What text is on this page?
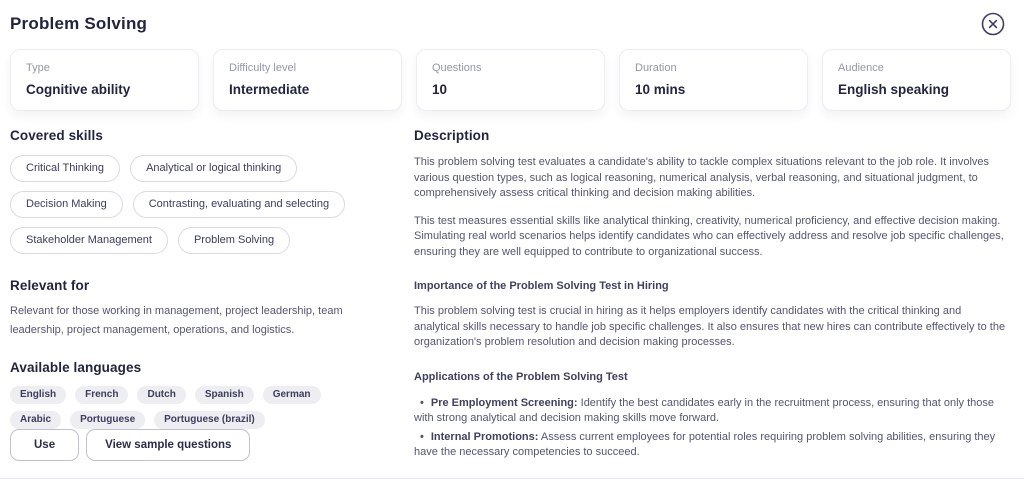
Problem Solving
Type
Cognitive ability
Difficulty level
Intermediate
Questions
10
Duration
10 mins
Audience
English speaking
Covered skills
Critical Thinking	Analytical or logical thinking
Decision Making	Contrasting, evaluating and selecting
Stakeholder Management	Problem Solving
Relevant for

Relevant for those working in management, project leadership, team leadership, project management, operations, and logistics.

Available languages
English	French	Dutch	Spanish	German
Arabic	Portuguese	Portuguese (brazil)
Use	View sample questions
Description

This problem solving test evaluates a candidate's ability to tackle complex situations relevant to the job role. It involves various question types, such as logical reasoning, numerical analysis, verbal reasoning, and situational judgment, to comprehensively assess critical thinking and decision making abilities.

This test measures essential skills like analytical thinking, creativity, numerical proficiency, and effective decision making. Simulating real world scenarios helps identify candidates who can effectively address and resolve job specific challenges, ensuring they are well equipped to contribute to organizational success.

Importance of the Problem Solving Test in Hiring

This problem solving test is crucial in hiring as it helps employers identify candidates with the critical thinking and analytical skills necessary to handle job specific challenges. It also ensures that new hires can contribute effectively to the organization's problem resolution and decision making processes.

Applications of the Problem Solving Test
• Pre Employment Screening: Identify the best candidates early in the recruitment process, ensuring that only those with strong analytical and decision making skills move forward.
• Internal Promotions: Assess current employees for potential roles requiring problem solving abilities, ensuring they have the necessary competencies to succeed.
